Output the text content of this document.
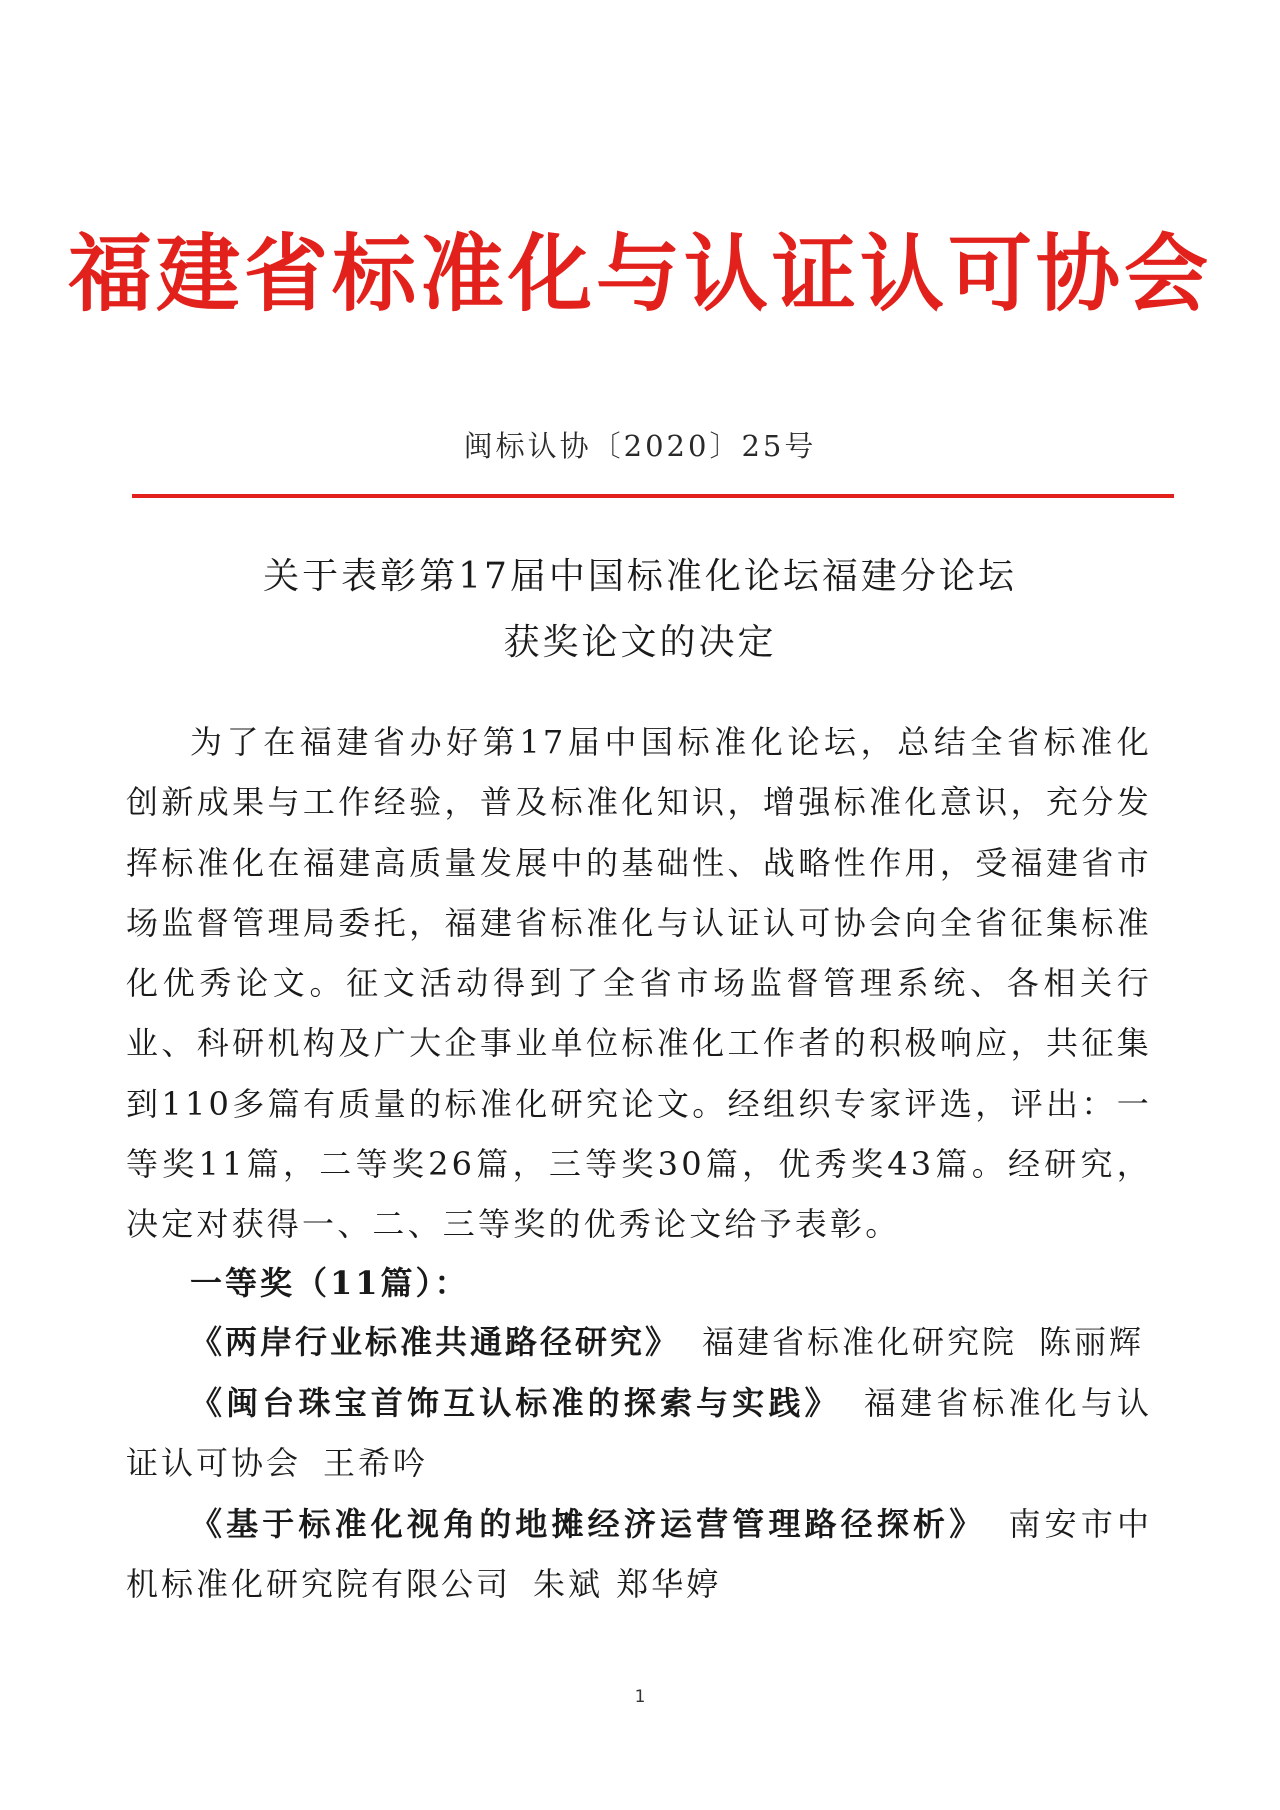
福建省标准化与认证认可协会
闽标认协〔2020〕25号
关于表彰第17届中国标准化论坛福建分论坛
获奖论文的决定

为了在福建省办好第17届中国标准化论坛，总结全省标准化创新成果与工作经验，普及标准化知识，增强标准化意识，充分发挥标准化在福建高质量发展中的基础性、战略性作用，受福建省市场监督管理局委托，福建省标准化与认证认可协会向全省征集标准化优秀论文。征文活动得到了全省市场监督管理系统、各相关行业、科研机构及广大企事业单位标准化工作者的积极响应，共征集到110多篇有质量的标准化研究论文。经组织专家评选，评出：一等奖11篇，二等奖26篇，三等奖30篇，优秀奖43篇。经研究，决定对获得一、二、三等奖的优秀论文给予表彰。

一等奖（11篇）：

《两岸行业标准共通路径研究》 福建省标准化研究院 陈丽辉

《闽台珠宝首饰互认标准的探索与实践》 福建省标准化与认证认可协会 王希吟

《基于标准化视角的地摊经济运营管理路径探析》 南安市中机标准化研究院有限公司 朱斌 郑华婷

1
